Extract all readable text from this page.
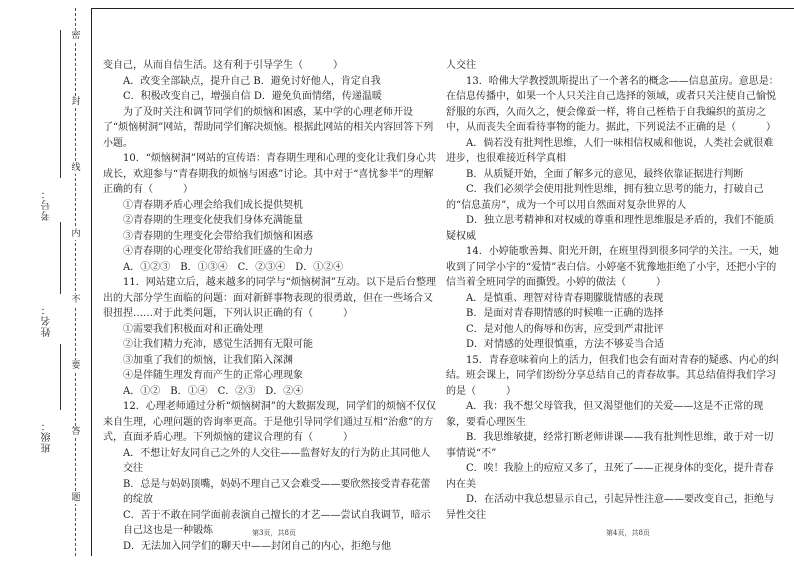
考号：
姓名：
班级：
密
封
线
内
不
要
答
题

变自己，从而自信生活。这有利于引导学生（　　　）

A．改变全部缺点，提升自己 B．避免讨好他人，肯定自我

C．积极改变自己，增强自信 D．避免负面情绪，传递温暖

为了及时关注和调节同学们的烦恼和困惑，某中学的心理老师开设了“烦恼树洞”网站，帮助同学们解决烦恼。根据此网站的相关内容回答下列小题。

10．“烦恼树洞”网站的宣传语：青春期生理和心理的变化让我们身心共成长，欢迎参与“青春期我的烦恼与困惑”讨论。其中对于“喜忧参半”的理解正确的有（　　　）

①青春期矛盾心理会给我们成长提供契机

②青春期的生理变化使我们身体充满能量

③青春期的生理变化会带给我们烦恼和困惑

④青春期的心理变化带给我们旺盛的生命力

A．①②③　B．①③④　C．②③④　D．①②④

11．网站建立后，越来越多的同学与“烦恼树洞”互动。以下是后台整理出的大部分学生面临的问题：面对新鲜事物表现的很勇敢，但在一些场合又很扭捏……对于此类问题，下列认识正确的有（　　　）

①需要我们积极面对和正确处理

②让我们精力充沛，感觉生活拥有无限可能

③加重了我们的烦恼，让我们陷入深渊

④是伴随生理发育而产生的正常心理现象

A．①②　B．①④　C．②③　D．②④

12．心理老师通过分析“烦恼树洞”的大数据发现，同学们的烦恼不仅仅来自生理，心理问题的咨询率更高。于是他引导同学们通过互相“治愈”的方式，直面矛盾心理。下列烦恼的建议合理的有（　　　）

A．不想让好友同自己之外的人交往——监督好友的行为防止其同他人交往

B．总是与妈妈顶嘴，妈妈不理自己又会难受——要欣然接受青春花蕾的绽放

C．苦于不敢在同学面前表演自己擅长的才艺——尝试自我调节，暗示自己这也是一种锻炼

D．无法加入同学们的聊天中——封闭自己的内心，拒绝与他

人交往

13．哈佛大学教授凯斯提出了一个著名的概念——信息茧房。意思是：在信息传播中，如果一个人只关注自己选择的领域，或者只关注使自己愉悦舒服的东西，久而久之，便会像蚕一样，将自己桎梏于自我编织的茧房之中，从而丧失全面看待事物的能力。据此，下列说法不正确的是（　　　）

A．倘若没有批判性思维，人们一味相信权威和他说，人类社会就很难进步，也很难接近科学真相

B．从质疑开始，全面了解多元的意见，最终依靠证据进行判断

C．我们必须学会使用批判性思维，拥有独立思考的能力，打破自己的“信息茧房”，成为一个可以用自然面对复杂世界的人

D．独立思考精神和对权威的尊重和理性思维服是矛盾的，我们不能质疑权威

14．小婷能歌善舞、阳光开朗，在班里得到很多同学的关注。一天，她收到了同学小宇的“爱情”表白信。小婷毫不犹豫地拒绝了小宇，还把小宇的信当着全班同学的面撕毁。小婷的做法（　　　）

A．是慎重、理智对待青春期朦胧情感的表现

B．是面对青春期情感的时候唯一正确的选择

C．是对他人的侮辱和伤害，应受到严肃批评

D．对情感的处理很慎重，方法不够妥当合适

15．青春意味着向上的活力，但我们也会有面对青春的疑惑、内心的纠结。班会课上，同学们纷纷分享总结自己的青春故事。其总结值得我们学习的是（　　　）

A．我：我不想父母管我，但又渴望他们的关爱——这是不正常的现象，要看心理医生

B．我思维敏捷，经常打断老师讲课——我有批判性思维，敢于对一切事情说“不”

C．唉！我脸上的痘痘又多了，丑死了——正视身体的变化，提升青春内在美

D．在活动中我总想显示自己，引起异性注意——要改变自己，拒绝与异性交往

第3页，共8页	第4页，共8页
